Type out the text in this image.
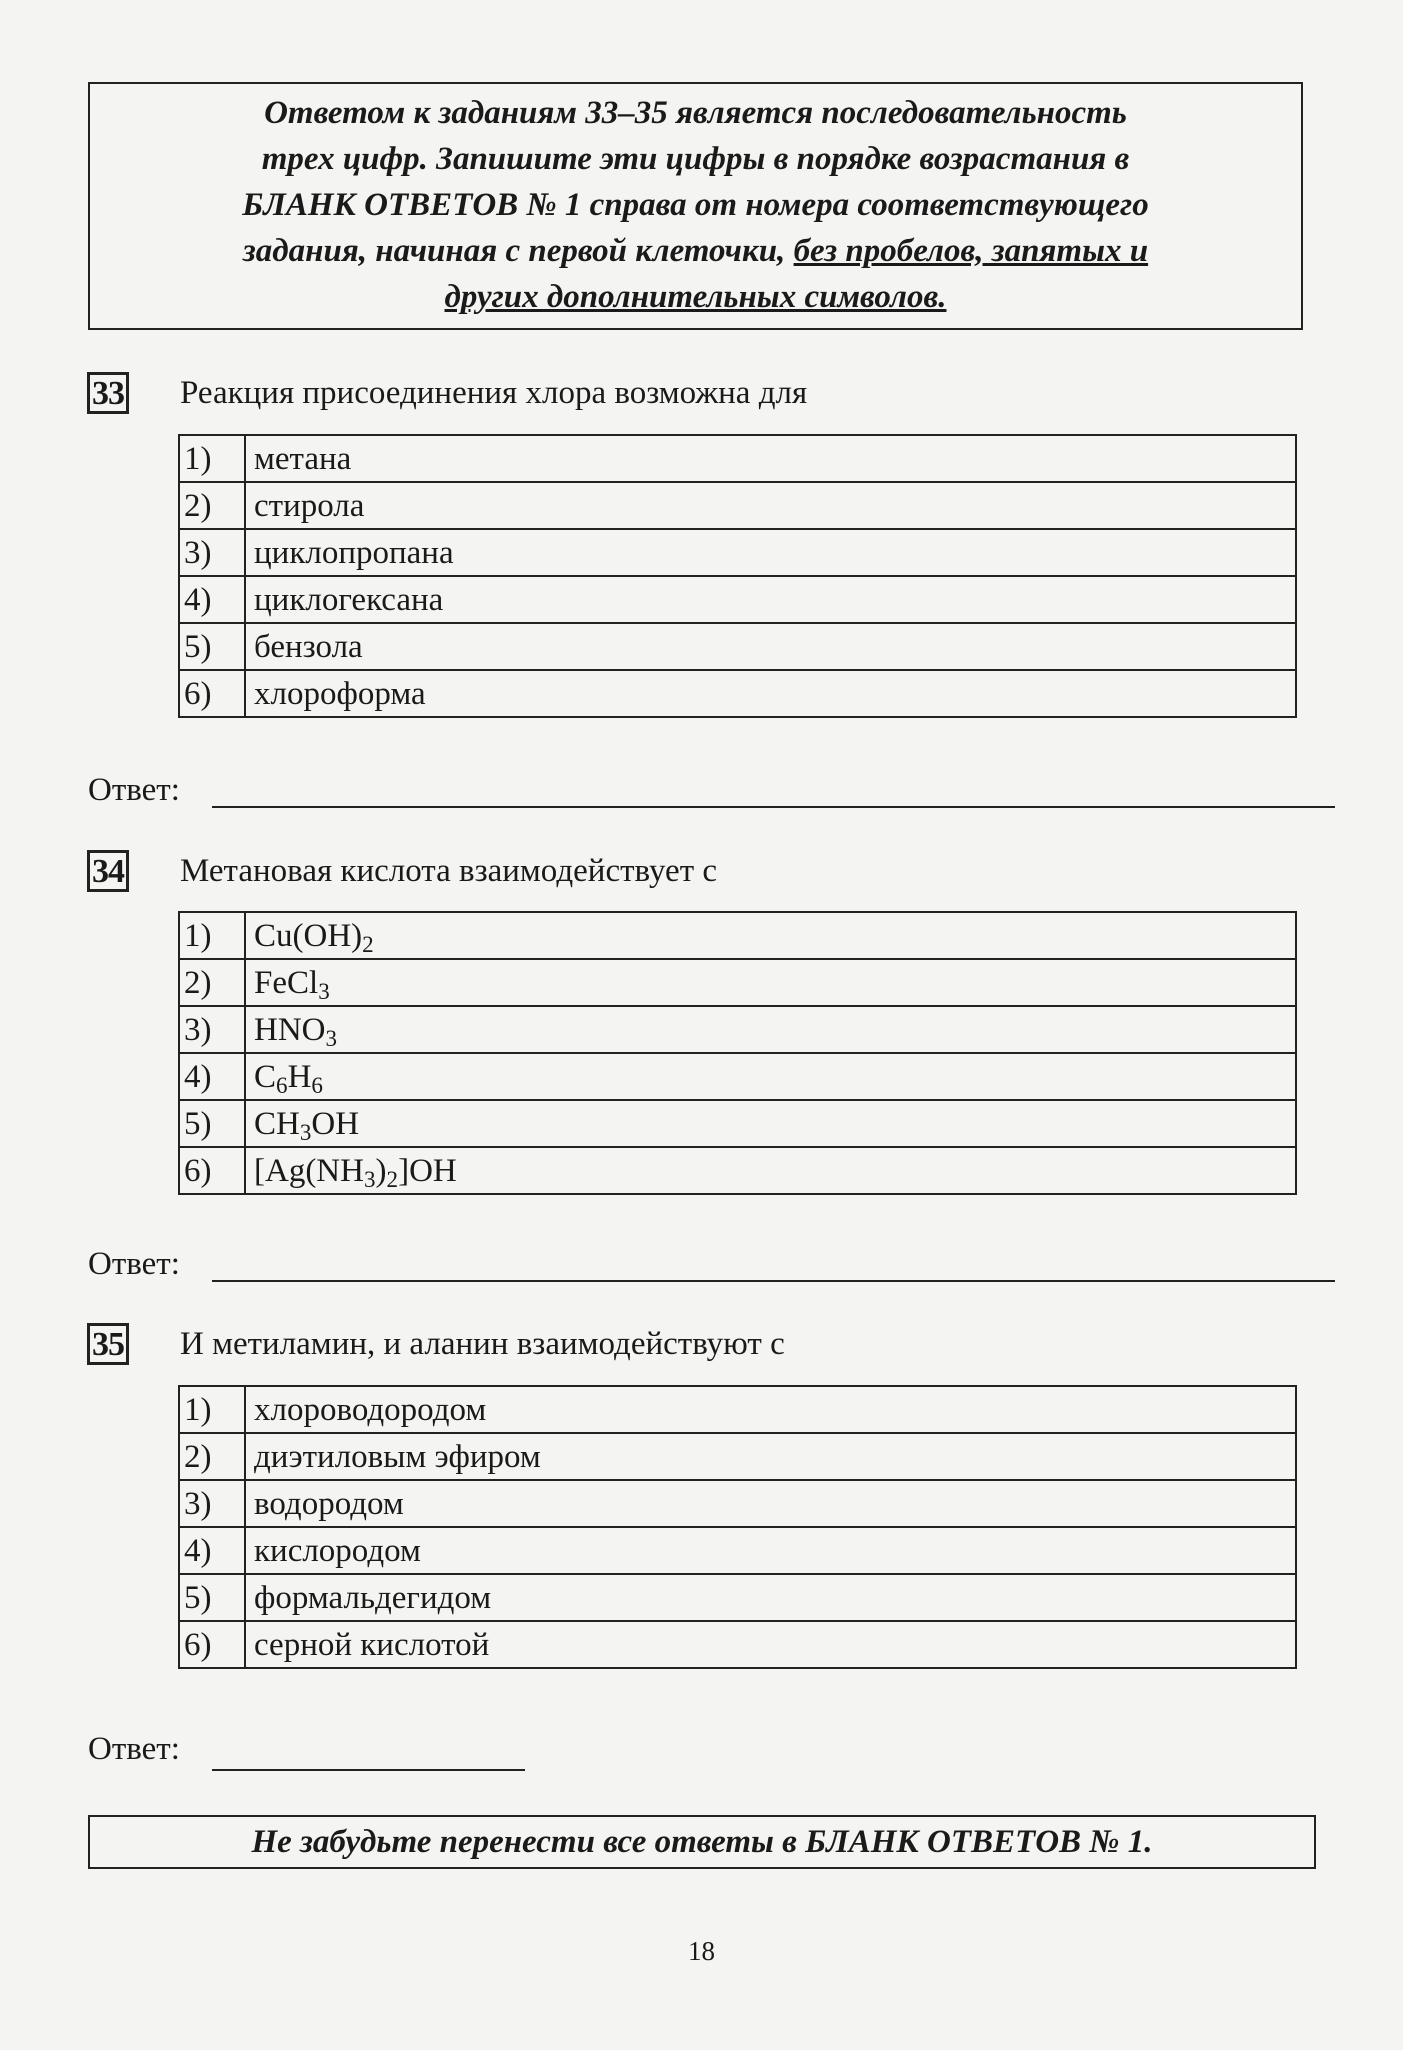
Ответом к заданиям 33–35 является последовательность
трех цифр. Запишите эти цифры в порядке возрастания в
БЛАНК ОТВЕТОВ № 1 справа от номера соответствующего
задания, начиная с первой клеточки, без пробелов, запятых и
других дополнительных символов.
33 Реакция присоединения хлора возможна для
1)	метана
2)	стирола
3)	циклопропана
4)	циклогексана
5)	бензола
6)	хлороформа
Ответ:
34 Метановая кислота взаимодействует с
1)	$Cu(OH)_2$
2)	FeCl$_3$
3)	$HNO_3$
4)	$C_6H_6$
5)	$CH_3OH$
6)	$[Ag(NH_3)_2]OH$
Ответ:
35 И метиламин, и аланин взаимодействуют с
1)	хлороводородом
2)	диэтиловым эфиром
3)	водородом
4)	кислородом
5)	формальдегидом
6)	серной кислотой
Ответ:
Не забудьте перенести все ответы в БЛАНК ОТВЕТОВ № 1.
18
